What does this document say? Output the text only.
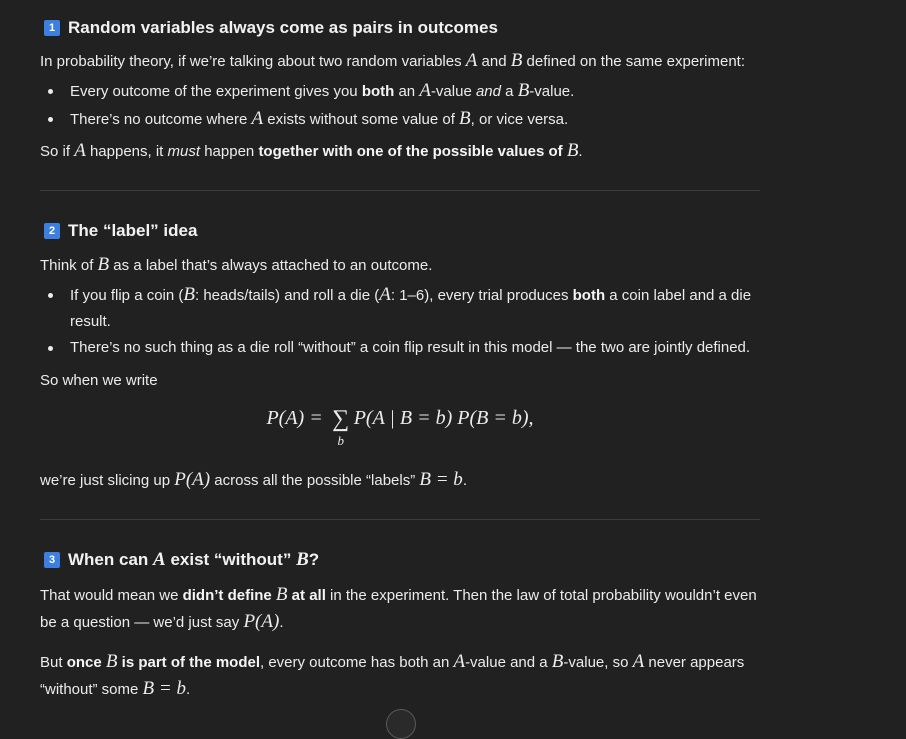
1 Random variables always come as pairs in outcomes

In probability theory, if we’re talking about two random variables A and B defined on the same experiment:

Every outcome of the experiment gives you both an A-value and a B-value.
There’s no outcome where A exists without some value of B, or vice versa.

So if A happens, it must happen together with one of the possible values of B.

2 The “label” idea

Think of B as a label that’s always attached to an outcome.

If you flip a coin (B: heads/tails) and roll a die (A: 1–6), every trial produces both a coin label and a die result.
There’s no such thing as a die roll “without” a coin flip result in this model — the two are jointly defined.

So when we write

P(A) = ∑
b
P(A | B = b) P(B = b),

we’re just slicing up P(A) across all the possible “labels” B = b.

3 When can
A
exist “without”
B ?

That would mean we didn’t define B at all in the experiment. Then the law of total probability wouldn’t even be a question — we’d just say P(A).

But once B is part of the model, every outcome has both an A-value and a B-value, so A never appears “without” some B = b.
